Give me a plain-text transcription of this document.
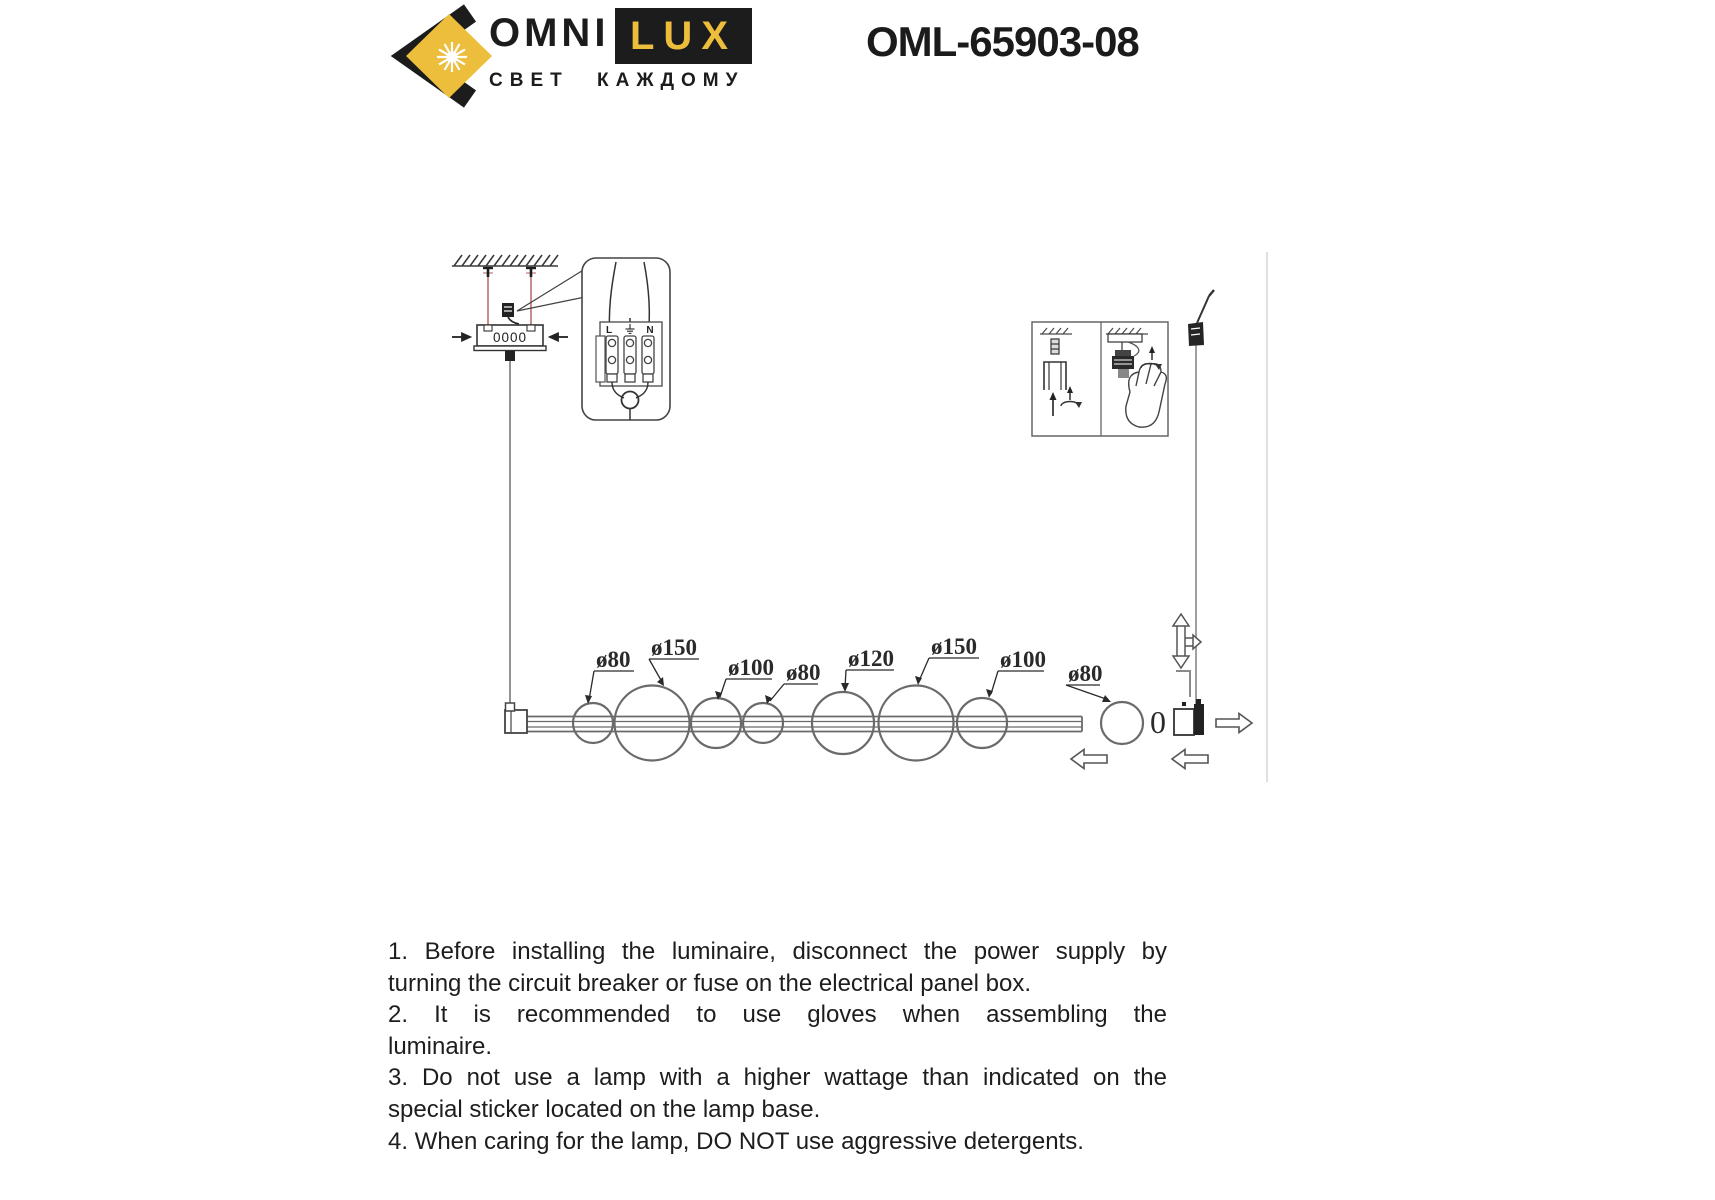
OMNI LUX
СВЕТ КАЖДОМУ
OML-65903-08
0000	L	N
ø80 ø150
ø100 ø80
ø120 ø150
ø100
ø80
0
1. Before installing the luminaire, disconnect the power supply by
turning the circuit breaker or fuse on the electrical panel box.
2. It is recommended to use gloves when assembling the
luminaire.
3. Do not use a lamp with a higher wattage than indicated on the
special sticker located on the lamp base.
4. When caring for the lamp, DO NOT use aggressive detergents.
